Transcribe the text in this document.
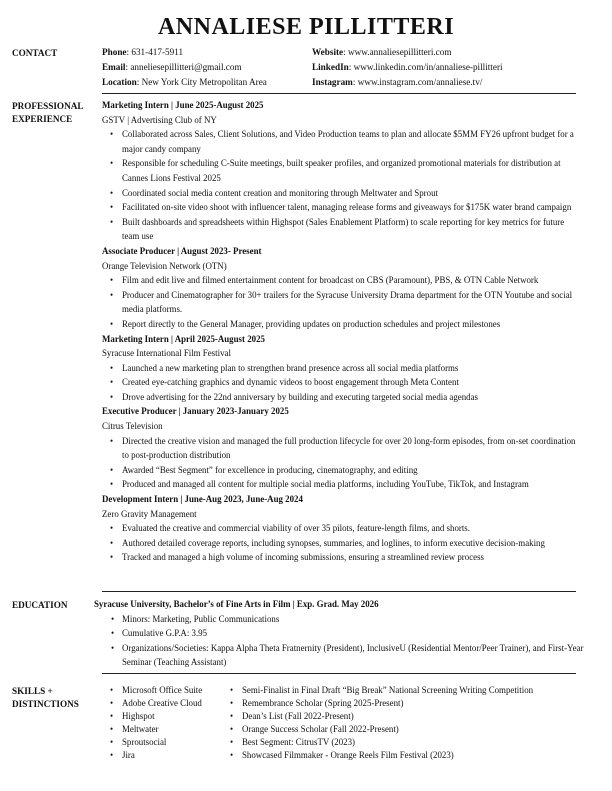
ANNALIESE PILLITTERI
CONTACT	Phone: 631-417-5911
Email: anneliesepillitteri@gmail.com
Location: New York City Metropolitan Area
Website: www.annaliesepillitteri.com
LinkedIn: www.linkedin.com/in/annaliese-pillitteri
Instagram: www.instagram.com/annaliese.tv/
PROFESSIONAL
EXPERIENCE
Marketing Intern | June 2025-August 2025
GSTV | Advertising Club of NY
• Collaborated across Sales, Client Solutions, and Video Production teams to plan and allocate $5MM FY26 upfront budget for a major candy company
• Responsible for scheduling C-Suite meetings, built speaker profiles, and organized promotional materials for distribution at Cannes Lions Festival 2025
• Coordinated social media content creation and monitoring through Meltwater and Sprout
• Facilitated on-site video shoot with influencer talent, managing release forms and giveaways for $175K water brand campaign
• Built dashboards and spreadsheets within Highspot (Sales Enablement Platform) to scale reporting for key metrics for future team use
Associate Producer | August 2023- Present
Orange Television Network (OTN)
• Film and edit live and filmed entertainment content for broadcast on CBS (Paramount), PBS, & OTN Cable Network
• Producer and Cinematographer for 30+ trailers for the Syracuse University Drama department for the OTN Youtube and social media platforms.
• Report directly to the General Manager, providing updates on production schedules and project milestones
Marketing Intern | April 2025-August 2025
Syracuse International Film Festival
• Launched a new marketing plan to strengthen brand presence across all social media platforms
• Created eye-catching graphics and dynamic videos to boost engagement through Meta Content
• Drove advertising for the 22nd anniversary by building and executing targeted social media agendas
Executive Producer | January 2023-January 2025
Citrus Television
• Directed the creative vision and managed the full production lifecycle for over 20 long-form episodes, from on-set coordination to post-production distribution
• Awarded “Best Segment” for excellence in producing, cinematography, and editing
• Produced and managed all content for multiple social media platforms, including YouTube, TikTok, and Instagram
Development Intern | June-Aug 2023, June-Aug 2024
Zero Gravity Management
• Evaluated the creative and commercial viability of over 35 pilots, feature-length films, and shorts.
• Authored detailed coverage reports, including synopses, summaries, and loglines, to inform executive decision-making
• Tracked and managed a high volume of incoming submissions, ensuring a streamlined review process
EDUCATION	Syracuse University, Bachelor’s of Fine Arts in Film | Exp. Grad. May 2026
• Minors: Marketing, Public Communications
• Cumulative G.P.A: 3.95
• Organizations/Societies: Kappa Alpha Theta Fratnernity (President), InclusiveU (Residential Mentor/Peer Trainer), and First-Year Seminar (Teaching Assistant)
SKILLS +
DISTINCTIONS
• Microsoft Office Suite
• Adobe Creative Cloud
• Highspot
• Meltwater
• Sproutsocial
• Jira
• Semi-Finalist in Final Draft “Big Break” National Screening Writing Competition
• Remembrance Scholar (Spring 2025-Present)
• Dean’s List (Fall 2022-Present)
• Orange Success Scholar (Fall 2022-Present)
• Best Segment: CitrusTV (2023)
• Showcased Filmmaker - Orange Reels Film Festival (2023)
